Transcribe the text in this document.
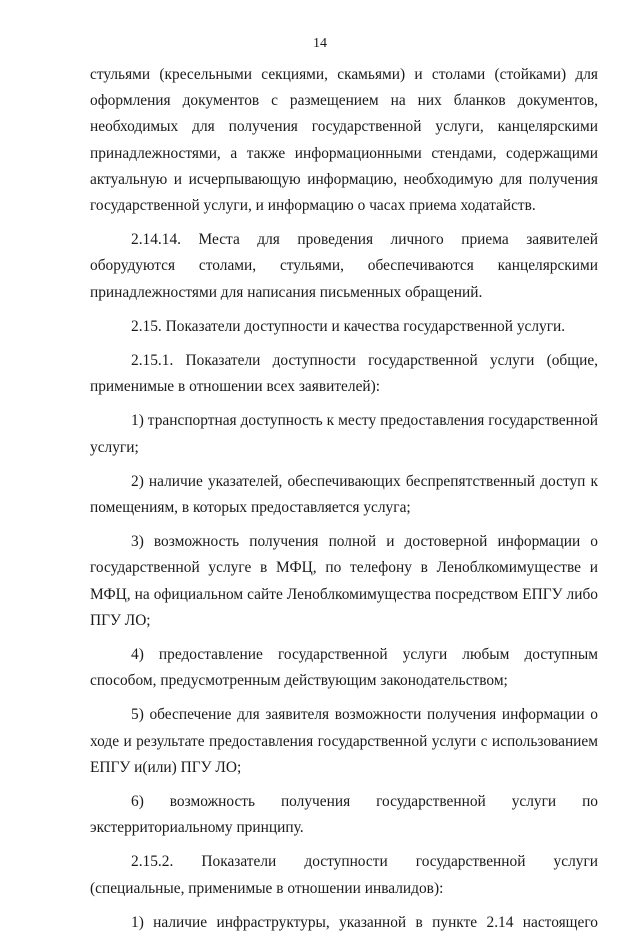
14

стульями (кресельными секциями, скамьями) и столами (стойками) для оформления документов с размещением на них бланков документов, необходимых для получения государственной услуги, канцелярскими принадлежностями, а также информационными стендами, содержащими актуальную и исчерпывающую информацию, необходимую для получения государственной услуги, и информацию о часах приема ходатайств.

2.14.14. Места для проведения личного приема заявителей оборудуются столами, стульями, обеспечиваются канцелярскими принадлежностями для написания письменных обращений.

2.15. Показатели доступности и качества государственной услуги.

2.15.1. Показатели доступности государственной услуги (общие, применимые в отношении всех заявителей):

1) транспортная доступность к месту предоставления государственной услуги;

2) наличие указателей, обеспечивающих беспрепятственный доступ к помещениям, в которых предоставляется услуга;

3) возможность получения полной и достоверной информации о государственной услуге в МФЦ, по телефону в Леноблкомимуществе и МФЦ, на официальном сайте Леноблкомимущества посредством ЕПГУ либо ПГУ ЛО;

4) предоставление государственной услуги любым доступным способом, предусмотренным действующим законодательством;

5) обеспечение для заявителя возможности получения информации о ходе и результате предоставления государственной услуги с использованием ЕПГУ и(или) ПГУ ЛО;

6) возможность получения государственной услуги по экстерриториальному принципу.

2.15.2. Показатели доступности государственной услуги (специальные, применимые в отношении инвалидов):

1) наличие инфраструктуры, указанной в пункте 2.14 настоящего
